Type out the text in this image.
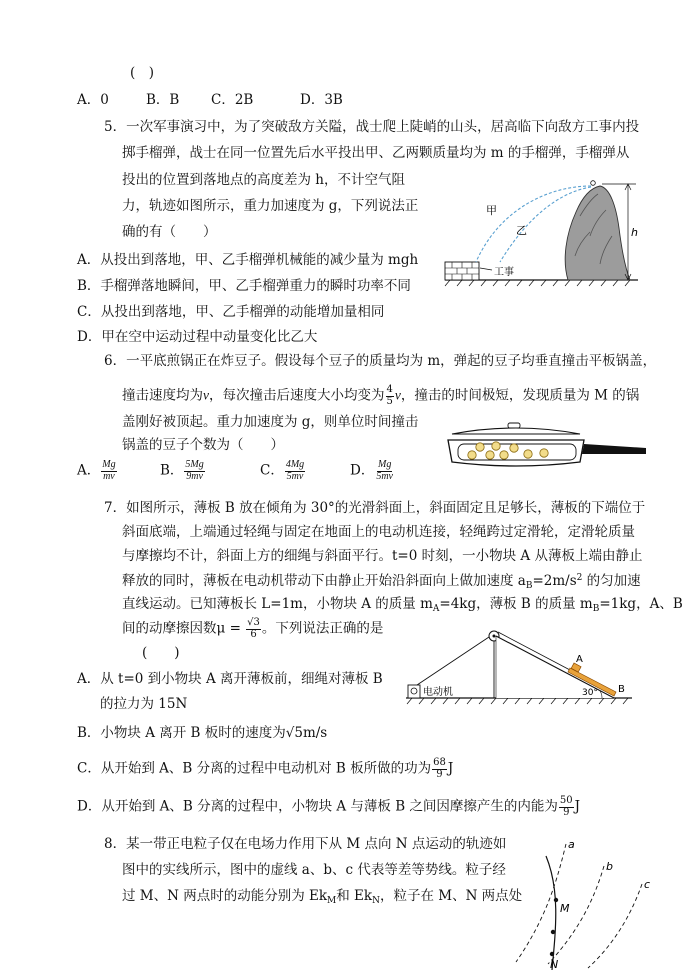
(　)
A．0	B．B C．2B	D．3B
5．一次军事演习中，为了突破敌方关隘，战士爬上陡峭的山头，居高临下向敌方工事内投
掷手榴弹，战士在同一位置先后水平投出甲、乙两颗质量均为 m 的手榴弹，手榴弹从
投出的位置到落地点的高度差为 h，不计空气阻
力，轨迹如图所示，重力加速度为 g，下列说法正
确的有（　　）
A．从投出到落地，甲、乙手榴弹机械能的减少量为 mgh
B．手榴弹落地瞬间，甲、乙手榴弹重力的瞬时功率不同
C．从投出到落地，甲、乙手榴弹的动能增加量相同
D．甲在空中运动过程中动量变化比乙大
工事
甲
乙	h
6．一平底煎锅正在炸豆子。假设每个豆子的质量均为 m，弹起的豆子均垂直撞击平板锅盖，
撞击速度均为v，每次撞击后速度大小均变为 $\frac{4}{5}$ v，撞击的时间极短，发现质量为 M 的锅
盖刚好被顶起。重力加速度为 g，则单位时间撞击
锅盖的豆子个数为（　　）
A． $\frac{Mg}{mv}$	B． $\frac{5Mg}{9mv}$	C． $\frac{4Mg}{5mv}$	D． $\frac{Mg}{5mv}$
7．如图所示，薄板 B 放在倾角为 30°的光滑斜面上，斜面固定且足够长，薄板的下端位于
斜面底端，上端通过轻绳与固定在地面上的电动机连接，轻绳跨过定滑轮，定滑轮质量
与摩擦均不计，斜面上方的细绳与斜面平行。t=0 时刻，一小物块 A 从薄板上端由静止
释放的同时，薄板在电动机带动下由静止开始沿斜面向上做加速度 $a_B=2m/s^2$ 的匀加速
直线运动。已知薄板长 L=1m，小物块 A 的质量 $m_A=4kg$，薄板 B 的质量 $m_B=1kg$，A、B
间的动摩擦因数$\mu = \frac{√3}{6}$ 。下列说法正确的是
(　　)
A．从 t=0 到小物块 A 离开薄板前，细绳对薄板 B
的拉力为 15N
B．小物块 A 离开 B 板时的速度为√5m/s
C．从开始到 A、B 分离的过程中电动机对 B 板所做的功为 $\frac{68}{9}$ J
D．从开始到 A、B 分离的过程中，小物块 A 与薄板 B 之间因摩擦产生的内能为 $\frac{50}{9}$ J
电动机
A
B
30°
8．某一带正电粒子仅在电场力作用下从 M 点向 N 点运动的轨迹如
图中的实线所示，图中的虚线 a、b、c 代表等差等势线。粒子经
过 M、N 两点时的动能分别为 $Ek_M$和 $Ek_N$，粒子在 M、N 两点处
a
b
c
M
N
